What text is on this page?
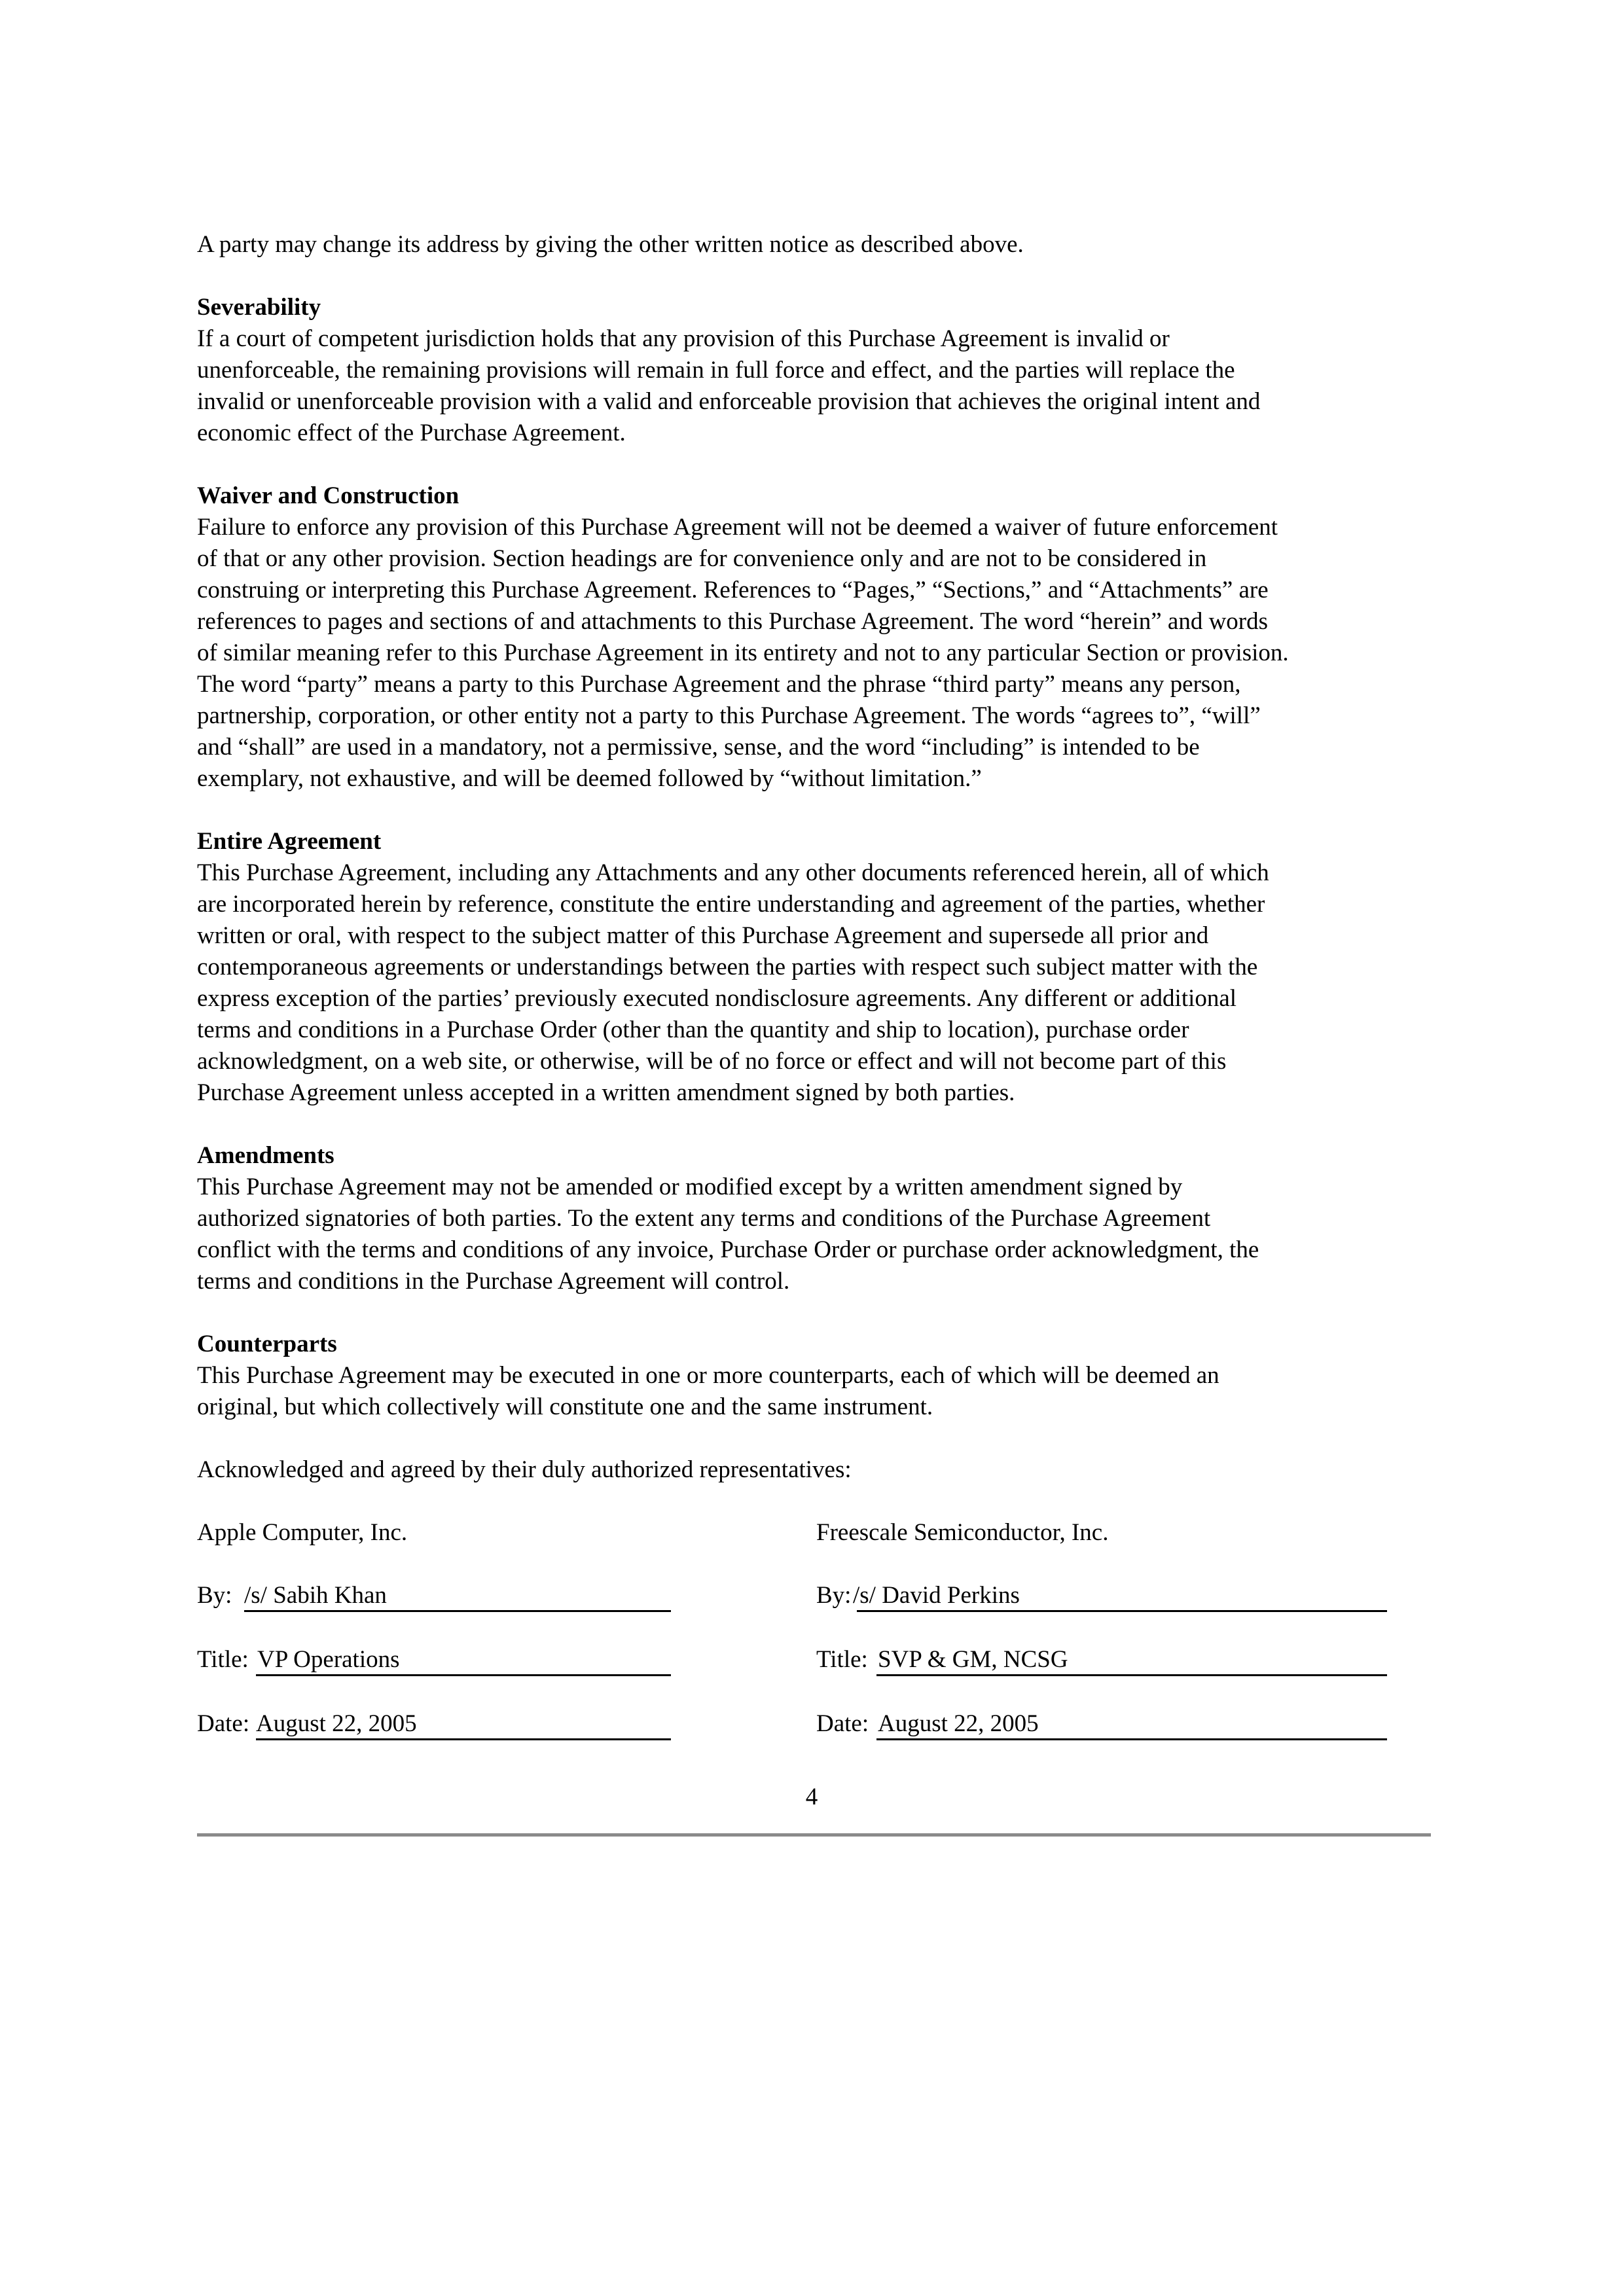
A party may change its address by giving the other written notice as described above.
Severability
If a court of competent jurisdiction holds that any provision of this Purchase Agreement is invalid or
unenforceable, the remaining provisions will remain in full force and effect, and the parties will replace the
invalid or unenforceable provision with a valid and enforceable provision that achieves the original intent and
economic effect of the Purchase Agreement.
Waiver and Construction
Failure to enforce any provision of this Purchase Agreement will not be deemed a waiver of future enforcement
of that or any other provision. Section headings are for convenience only and are not to be considered in
construing or interpreting this Purchase Agreement. References to “Pages,” “Sections,” and “Attachments” are
references to pages and sections of and attachments to this Purchase Agreement. The word “herein” and words
of similar meaning refer to this Purchase Agreement in its entirety and not to any particular Section or provision.
The word “party” means a party to this Purchase Agreement and the phrase “third party” means any person,
partnership, corporation, or other entity not a party to this Purchase Agreement. The words “agrees to”, “will”
and “shall” are used in a mandatory, not a permissive, sense, and the word “including” is intended to be
exemplary, not exhaustive, and will be deemed followed by “without limitation.”
Entire Agreement
This Purchase Agreement, including any Attachments and any other documents referenced herein, all of which
are incorporated herein by reference, constitute the entire understanding and agreement of the parties, whether
written or oral, with respect to the subject matter of this Purchase Agreement and supersede all prior and
contemporaneous agreements or understandings between the parties with respect such subject matter with the
express exception of the parties’ previously executed nondisclosure agreements. Any different or additional
terms and conditions in a Purchase Order (other than the quantity and ship to location), purchase order
acknowledgment, on a web site, or otherwise, will be of no force or effect and will not become part of this
Purchase Agreement unless accepted in a written amendment signed by both parties.
Amendments
This Purchase Agreement may not be amended or modified except by a written amendment signed by
authorized signatories of both parties. To the extent any terms and conditions of the Purchase Agreement
conflict with the terms and conditions of any invoice, Purchase Order or purchase order acknowledgment, the
terms and conditions in the Purchase Agreement will control.
Counterparts
This Purchase Agreement may be executed in one or more counterparts, each of which will be deemed an
original, but which collectively will constitute one and the same instrument.
Acknowledged and agreed by their duly authorized representatives:
Apple Computer, Inc.
By: /s/ Sabih Khan
Title: VP Operations
Date: August 22, 2005
Freescale Semiconductor, Inc.
By: /s/ David Perkins
Title: SVP & GM, NCSG
Date: August 22, 2005
4
